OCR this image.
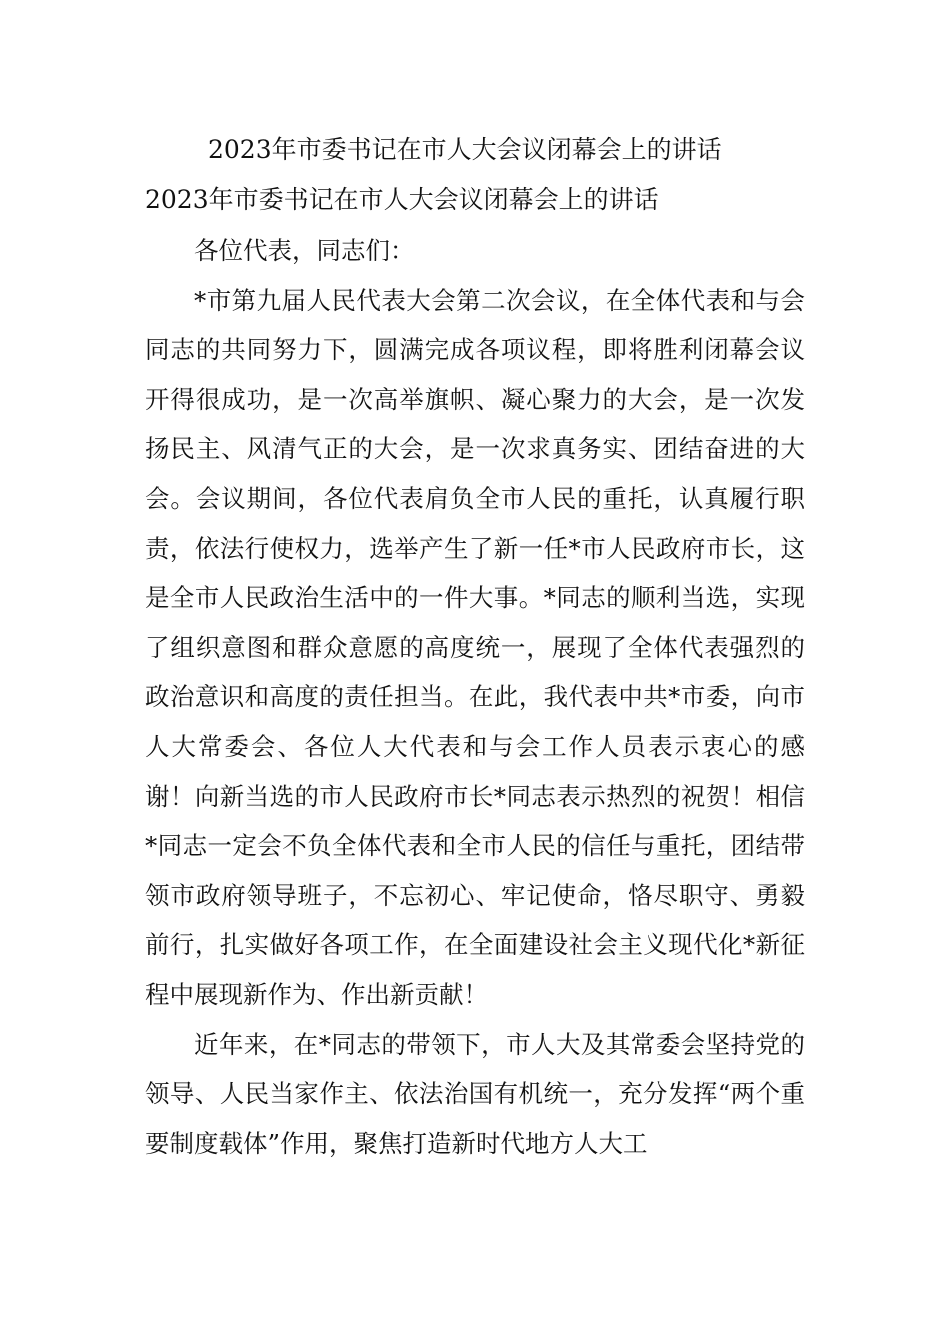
2023年市委书记在市人大会议闭幕会上的讲话
2023年市委书记在市人大会议闭幕会上的讲话

各位代表，同志们：

*市第九届人民代表大会第二次会议，在全体代表和与会同志的共同努力下，圆满完成各项议程，即将胜利闭幕会议开得很成功，是一次高举旗帜、凝心聚力的大会，是一次发扬民主、风清气正的大会，是一次求真务实、团结奋进的大会。会议期间，各位代表肩负全市人民的重托，认真履行职责，依法行使权力，选举产生了新一任*市人民政府市长，这是全市人民政治生活中的一件大事。*同志的顺利当选，实现了组织意图和群众意愿的高度统一，展现了全体代表强烈的政治意识和高度的责任担当。在此，我代表中共*市委，向市人大常委会、各位人大代表和与会工作人员表示衷心的感谢！向新当选的市人民政府市长*同志表示热烈的祝贺！相信*同志一定会不负全体代表和全市人民的信任与重托，团结带领市政府领导班子，不忘初心、牢记使命，恪尽职守、勇毅前行，扎实做好各项工作，在全面建设社会主义现代化*新征程中展现新作为、作出新贡献！

近年来，在*同志的带领下，市人大及其常委会坚持党的领导、人民当家作主、依法治国有机统一，充分发挥“两个重要制度载体”作用，聚焦打造新时代地方人大工
